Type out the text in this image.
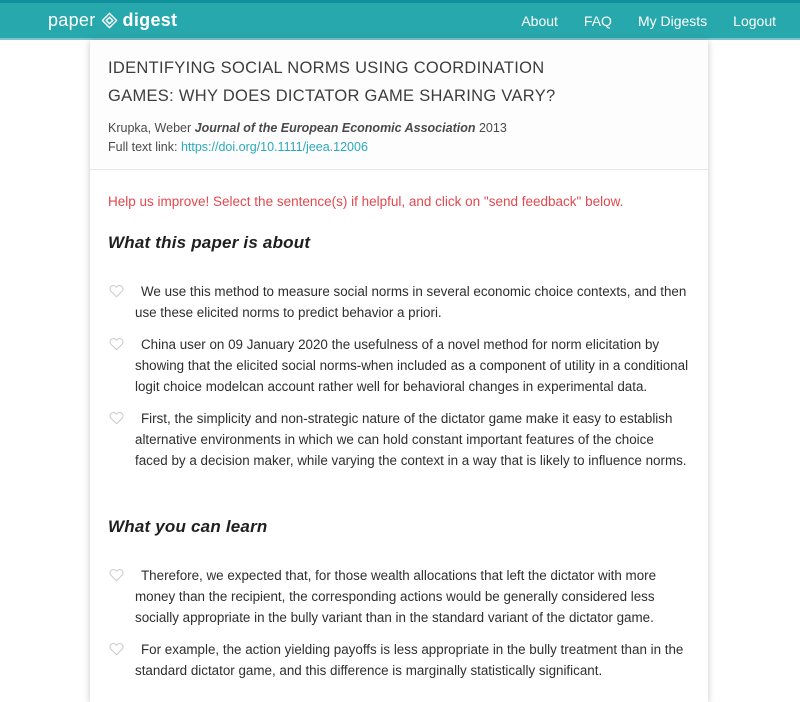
paper digest	About FAQ My Digests Logout
IDENTIFYING SOCIAL NORMS USING COORDINATION GAMES: WHY DOES DICTATOR GAME SHARING VARY?
Krupka, Weber Journal of the European Economic Association 2013
Full text link: https://doi.org/10.1111/jeea.12006
Help us improve! Select the sentence(s) if helpful, and click on "send feedback" below.
What this paper is about
We use this method to measure social norms in several economic choice contexts, and then use these elicited norms to predict behavior a priori.
China user on 09 January 2020 the usefulness of a novel method for norm elicitation by showing that the elicited social norms-when included as a component of utility in a conditional logit choice modelcan account rather well for behavioral changes in experimental data.
First, the simplicity and non-strategic nature of the dictator game make it easy to establish alternative environments in which we can hold constant important features of the choice faced by a decision maker, while varying the context in a way that is likely to influence norms.
What you can learn
Therefore, we expected that, for those wealth allocations that left the dictator with more money than the recipient, the corresponding actions would be generally considered less socially appropriate in the bully variant than in the standard variant of the dictator game.
For example, the action yielding payoffs is less appropriate in the bully treatment than in the standard dictator game, and this difference is marginally statistically significant.
